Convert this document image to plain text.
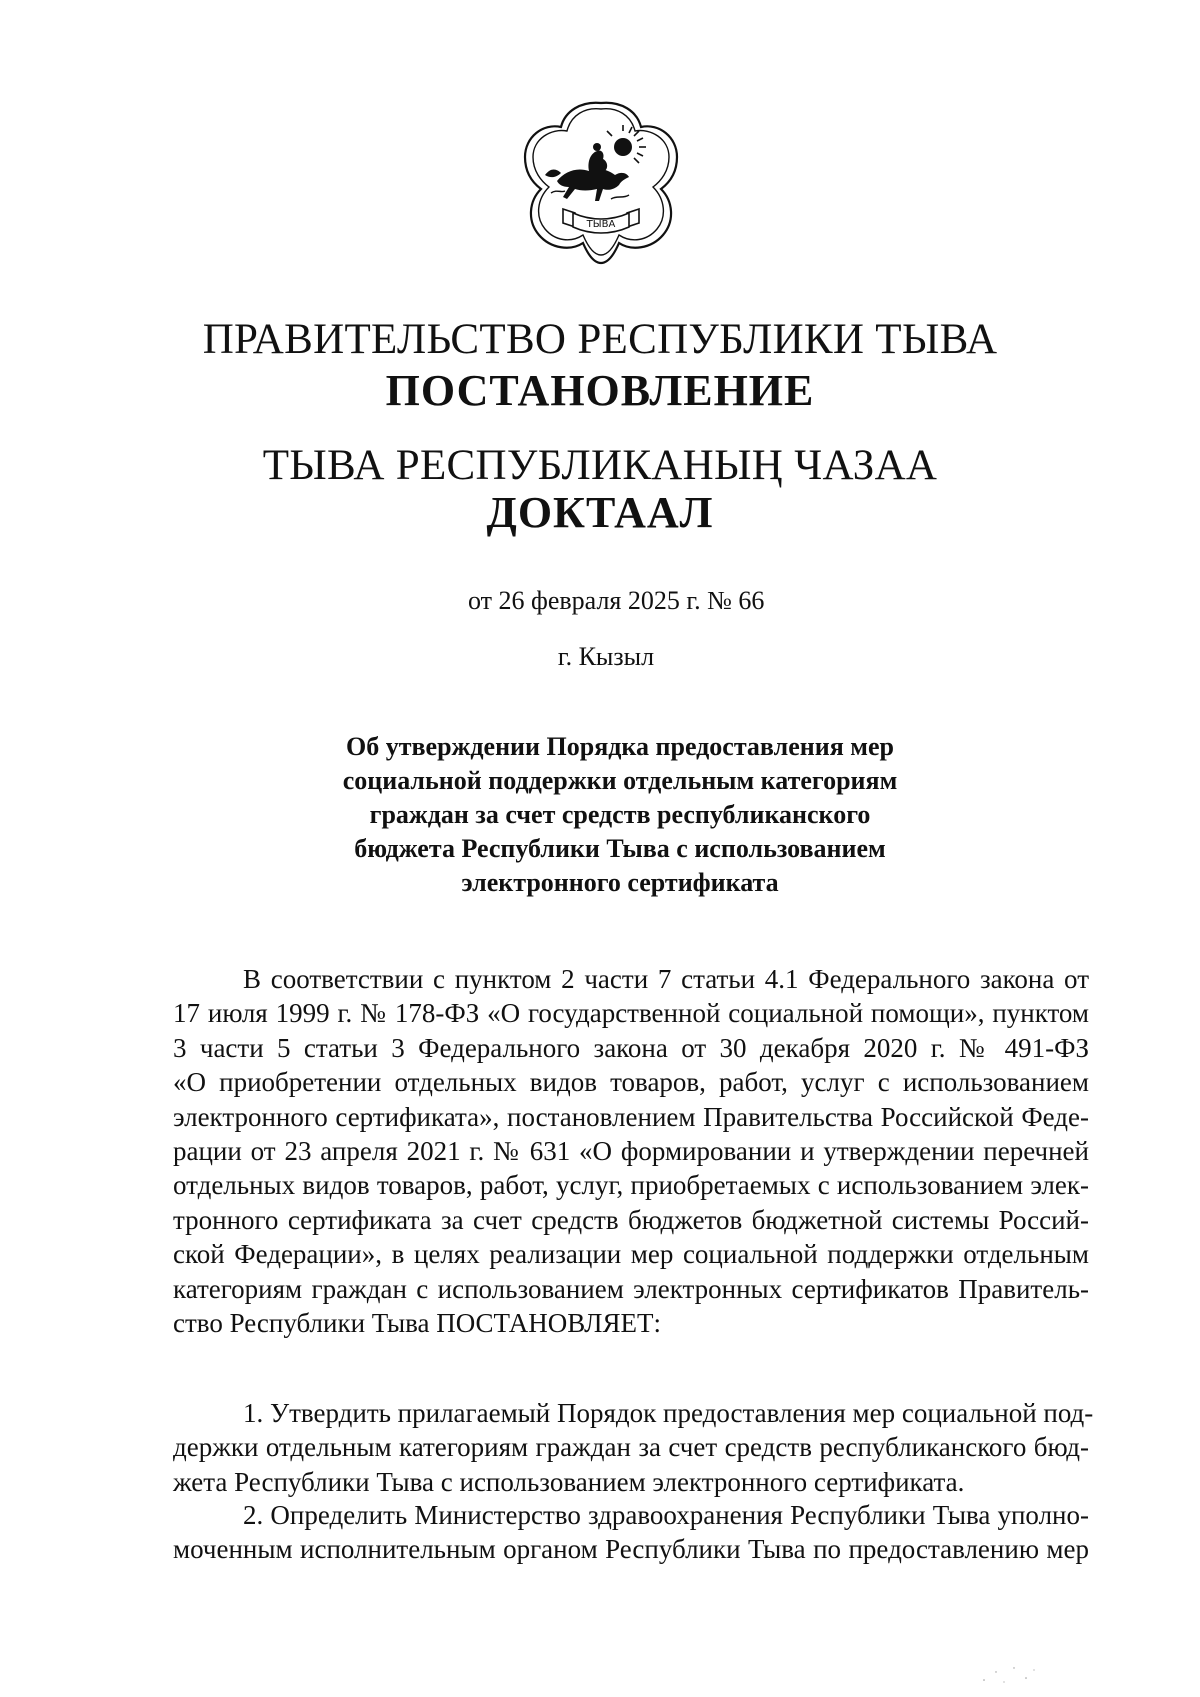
ТЫВА
ПРАВИТЕЛЬСТВО РЕСПУБЛИКИ ТЫВА
ПОСТАНОВЛЕНИЕ
ТЫВА РЕСПУБЛИКАНЫҢ ЧАЗАА
ДОКТААЛ
от 26 февраля 2025 г. № 66
г. Кызыл
Об утверждении Порядка предоставления мер
социальной поддержки отдельным категориям
граждан за счет средств республиканского
бюджета Республики Тыва с использованием
электронного сертификата
В соответствии с пунктом 2 части 7 статьи 4.1 Федерального закона от
17 июля 1999 г. № 178-ФЗ «О государственной социальной помощи», пунктом
3 части 5 статьи 3 Федерального закона от 30 декабря 2020 г. № 491-ФЗ
«О приобретении отдельных видов товаров, работ, услуг с использованием
электронного сертификата», постановлением Правительства Российской Феде-
рации от 23 апреля 2021 г. № 631 «О формировании и утверждении перечней
отдельных видов товаров, работ, услуг, приобретаемых с использованием элек-
тронного сертификата за счет средств бюджетов бюджетной системы Россий-
ской Федерации», в целях реализации мер социальной поддержки отдельным
категориям граждан с использованием электронных сертификатов Правитель-
ство Республики Тыва ПОСТАНОВЛЯЕТ:
1. Утвердить прилагаемый Порядок предоставления мер социальной под-
держки отдельным категориям граждан за счет средств республиканского бюд-
жета Республики Тыва с использованием электронного сертификата.
2. Определить Министерство здравоохранения Республики Тыва уполно-
моченным исполнительным органом Республики Тыва по предоставлению мер
